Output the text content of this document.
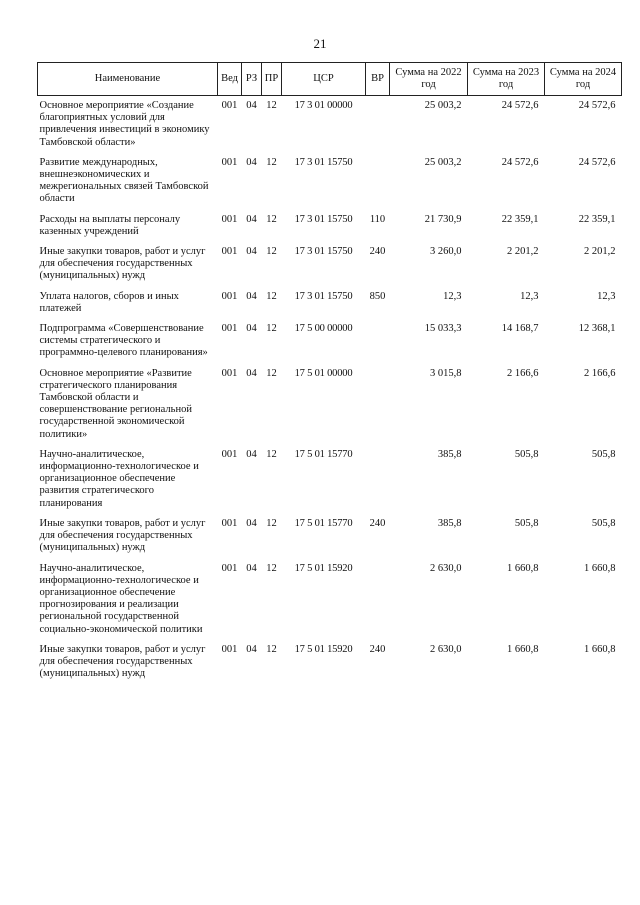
21
Наименование	Вед	РЗ	ПР	ЦСР	ВР	Сумма на 2022 год	Сумма на 2023 год	Сумма на 2024 год
Основное мероприятие «Создание благоприятных условий для привлечения инвестиций в экономику Тамбовской области»	001	04	12	17 3 01 00000		25 003,2	24 572,6	24 572,6
Развитие международных, внешнеэкономических и межрегиональных связей Тамбовской области	001	04	12	17 3 01 15750		25 003,2	24 572,6	24 572,6
Расходы на выплаты персоналу казенных учреждений	001	04	12	17 3 01 15750	110	21 730,9	22 359,1	22 359,1
Иные закупки товаров, работ и услуг для обеспечения государственных (муниципальных) нужд	001	04	12	17 3 01 15750	240	3 260,0	2 201,2	2 201,2
Уплата налогов, сборов и иных платежей	001	04	12	17 3 01 15750	850	12,3	12,3	12,3
Подпрограмма «Совершенствование системы стратегического и программно-целевого планирования»	001	04	12	17 5 00 00000		15 033,3	14 168,7	12 368,1
Основное мероприятие «Развитие стратегического планирования Тамбовской области и совершенствование региональной государственной экономической политики»	001	04	12	17 5 01 00000		3 015,8	2 166,6	2 166,6
Научно-аналитическое, информационно-технологическое и организационное обеспечение развития стратегического планирования	001	04	12	17 5 01 15770		385,8	505,8	505,8
Иные закупки товаров, работ и услуг для обеспечения государственных (муниципальных) нужд	001	04	12	17 5 01 15770	240	385,8	505,8	505,8
Научно-аналитическое, информационно-технологическое и организационное обеспечение прогнозирования и реализации региональной государственной социально-экономической политики	001	04	12	17 5 01 15920		2 630,0	1 660,8	1 660,8
Иные закупки товаров, работ и услуг для обеспечения государственных (муниципальных) нужд	001	04	12	17 5 01 15920	240	2 630,0	1 660,8	1 660,8
